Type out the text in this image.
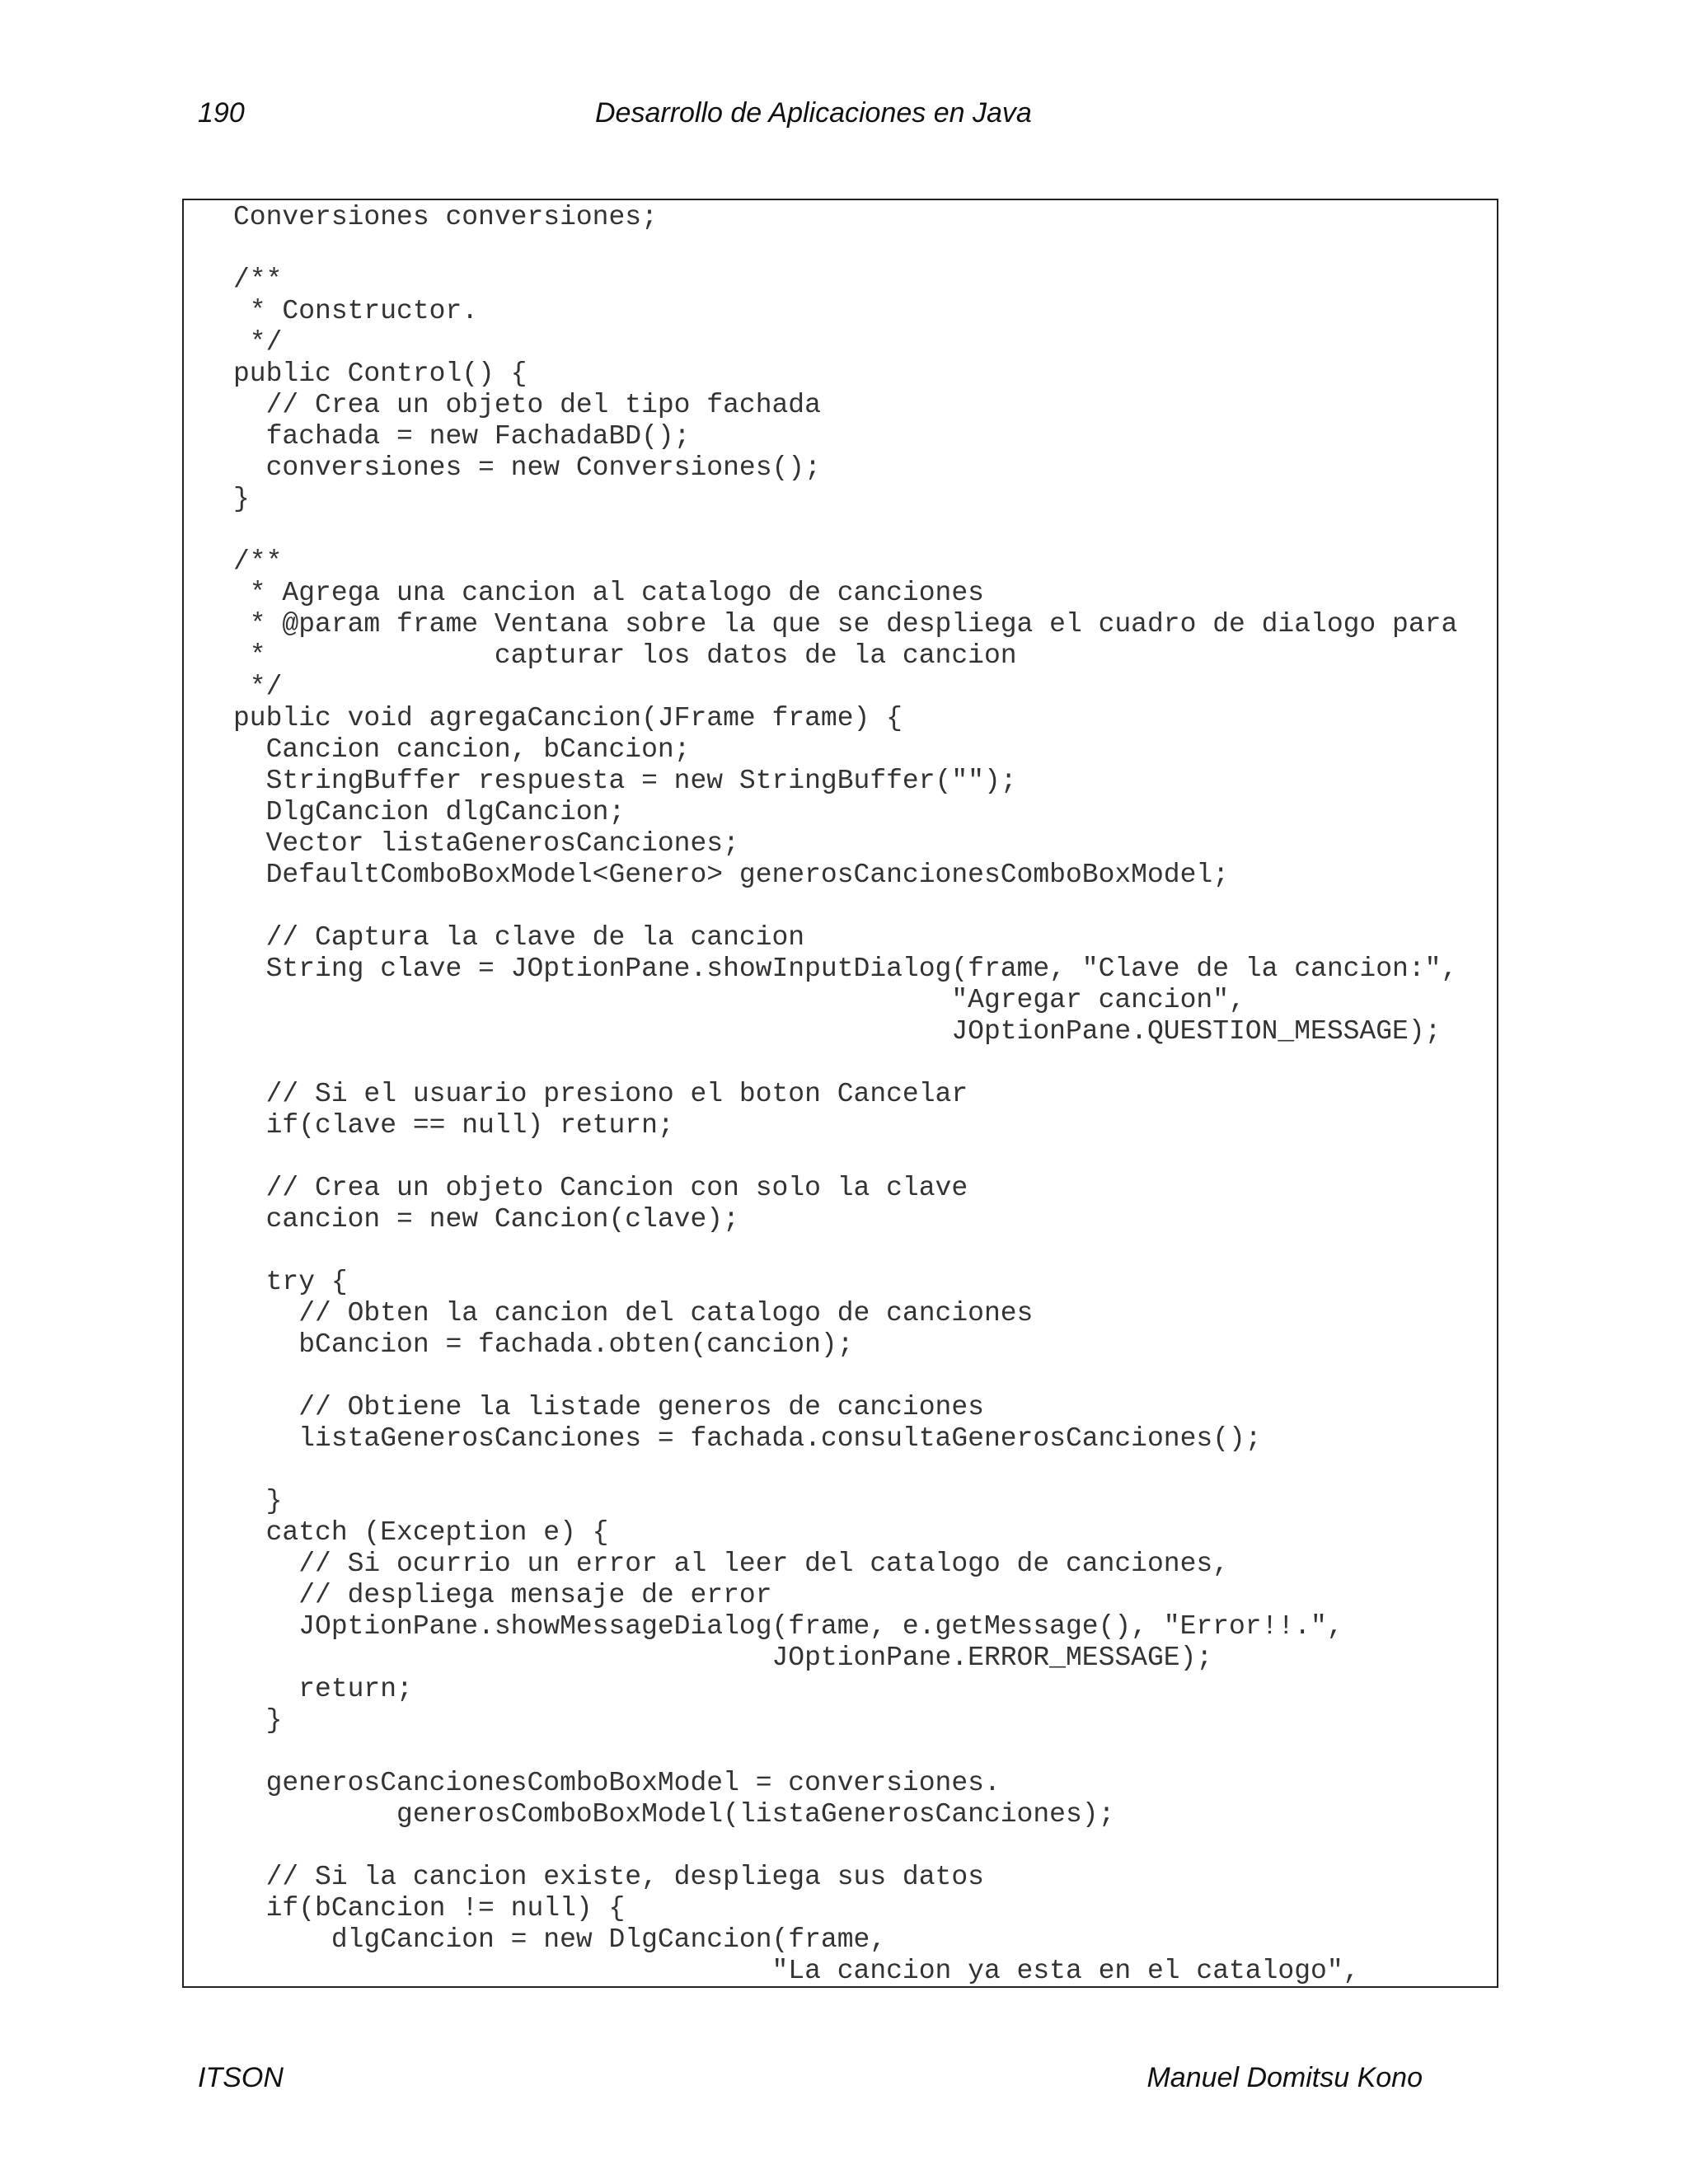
190	Desarrollo de Aplicaciones en Java
Conversiones conversiones;

/**
* Constructor.
*/
public Control() {
// Crea un objeto del tipo fachada
fachada = new FachadaBD();
conversiones = new Conversiones();
}

/**
* Agrega una cancion al catalogo de canciones
* @param frame Ventana sobre la que se despliega el cuadro de dialogo para
*              capturar los datos de la cancion
*/
public void agregaCancion(JFrame frame) {
Cancion cancion, bCancion;
StringBuffer respuesta = new StringBuffer("");
DlgCancion dlgCancion;
Vector listaGenerosCanciones;
DefaultComboBoxModel<Genero> generosCancionesComboBoxModel;

// Captura la clave de la cancion
String clave = JOptionPane.showInputDialog(frame, "Clave de la cancion:",
"Agregar cancion",
JOptionPane.QUESTION_MESSAGE);

// Si el usuario presiono el boton Cancelar
if(clave == null) return;

// Crea un objeto Cancion con solo la clave
cancion = new Cancion(clave);

try {
// Obten la cancion del catalogo de canciones
bCancion = fachada.obten(cancion);

// Obtiene la listade generos de canciones
listaGenerosCanciones = fachada.consultaGenerosCanciones();

}
catch (Exception e) {
// Si ocurrio un error al leer del catalogo de canciones,
// despliega mensaje de error
JOptionPane.showMessageDialog(frame, e.getMessage(), "Error!!.",
JOptionPane.ERROR_MESSAGE);
return;
}

generosCancionesComboBoxModel = conversiones.
generosComboBoxModel(listaGenerosCanciones);

// Si la cancion existe, despliega sus datos
if(bCancion != null) {
dlgCancion = new DlgCancion(frame,
"La cancion ya esta en el catalogo",

ITSON	Manuel Domitsu Kono
